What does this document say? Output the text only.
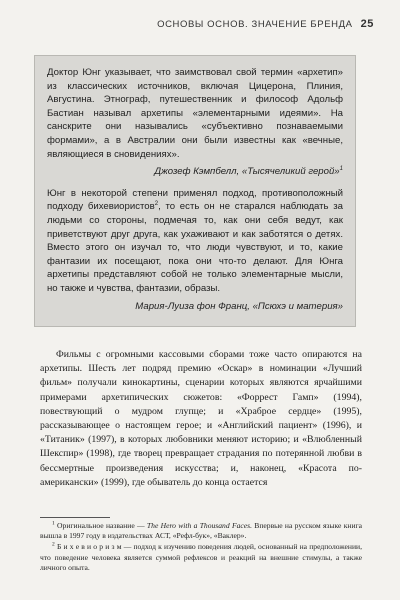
ОСНОВЫ ОСНОВ. ЗНАЧЕНИЕ БРЕНДА 25

Доктор Юнг указывает, что заимствовал свой термин «архетип» из классических источников, включая Цицерона, Плиния, Августина. Этнограф, путешественник и философ Адольф Бастиан называл архетипы «элементарными идеями». На санскрите они назывались «субъективно познаваемыми формами», а в Австралии они были известны как «вечные, являющиеся в сновидениях».

Джозеф Кэмпбелл, «Тысячеликий герой»$^1$

Юнг в некоторой степени применял подход, противоположный подходу бихевиористов$^2$, то есть он не старался наблюдать за людьми со стороны, подмечая то, как они себя ведут, как приветствуют друг друга, как ухаживают и как заботятся о детях. Вместо этого он изучал то, что люди чувствуют, и то, какие фантазии их посещают, пока они что-то делают. Для Юнга архетипы представляют собой не только элементарные мысли, но также и чувства, фантазии, образы.

Мария-Луиза фон Франц, «Псюхэ и материя»

Фильмы с огромными кассовыми сборами тоже часто опираются на архетипы. Шесть лет подряд премию «Оскар» в номинации «Лучший фильм» получали кинокартины, сценарии которых являются ярчайшими примерами архетипических сюжетов: «Форрест Гамп» (1994), повествующий о мудром глупце; и «Храброе сердце» (1995), рассказывающее о настоящем герое; и «Английский пациент» (1996), и «Титаник» (1997), в которых любовники меняют историю; и «Влюбленный Шекспир» (1998), где творец превращает страдания по потерянной любви в бессмертные произведения искусства; и, наконец, «Красота по-американски» (1999), где обыватель до конца остается

$^1$ Оригинальное название — The Hero with a Thousand Faces. Впервые на русском языке книга вышла в 1997 году в издательствах АСТ, «Рефл-бук», «Ваклер».

$^2$ Б и х е в и о р и з м — подход к изучению поведения людей, основанный на предположении, что поведение человека является суммой рефлексов и реакций на внешние стимулы, а также личного опыта.
